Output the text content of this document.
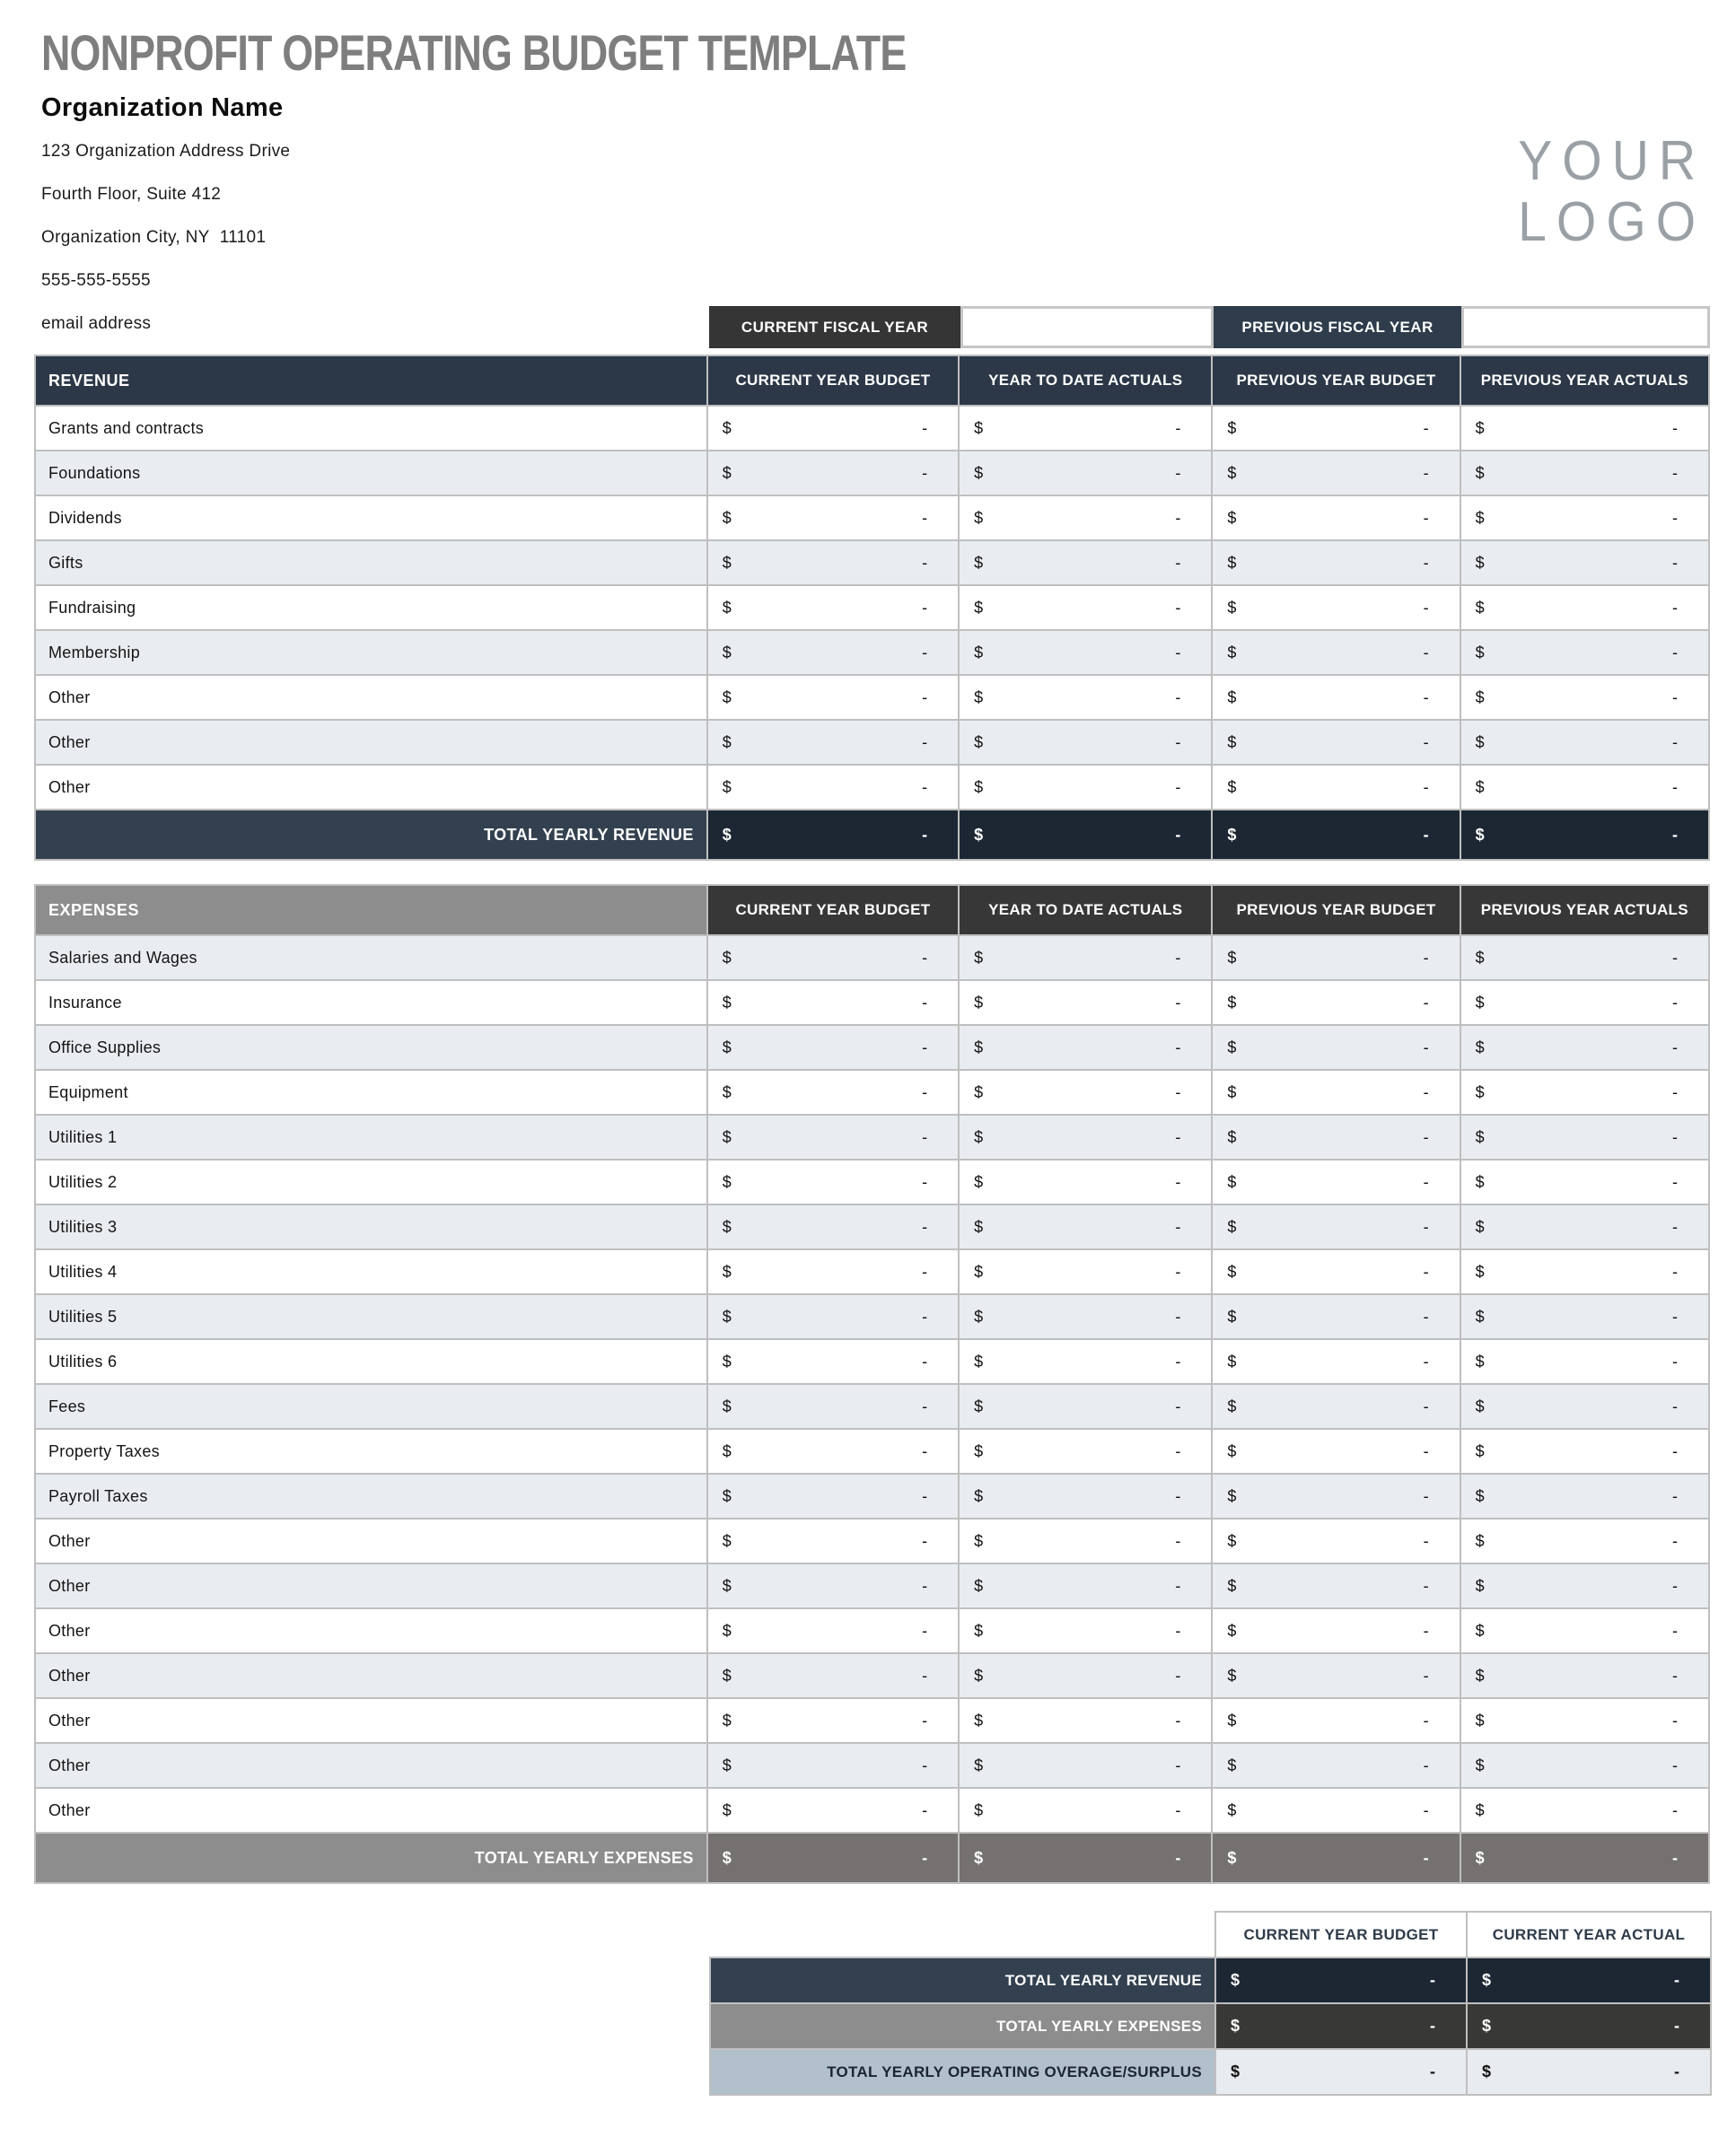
NONPROFIT OPERATING BUDGET TEMPLATE
Organization Name
123 Organization Address Drive
Fourth Floor, Suite 412
Organization City, NY  11101
555-555-5555
email address
YOUR
LOGO
CURRENT FISCAL YEAR	PREVIOUS FISCAL YEAR
REVENUE	CURRENT YEAR BUDGET	YEAR TO DATE ACTUALS	PREVIOUS YEAR BUDGET	PREVIOUS YEAR ACTUALS
Grants and contracts	$ -	$ -	$ -	$ -

Foundations	$ -	$ -	$ -	$ -

Dividends	$ -	$ -	$ -	$ -

Gifts	$ -	$ -	$ -	$ -

Fundraising	$ -	$ -	$ -	$ -

Membership	$ -	$ -	$ -	$ -

Other	$ -	$ -	$ -	$ -

Other	$ -	$ -	$ -	$ -

Other	$ -	$ -	$ -	$ -

TOTAL YEARLY REVENUE	$ -	$ -	$ -	$ -
EXPENSES	CURRENT YEAR BUDGET	YEAR TO DATE ACTUALS	PREVIOUS YEAR BUDGET	PREVIOUS YEAR ACTUALS
Salaries and Wages	$ -	$ -	$ -	$ -

Insurance	$ -	$ -	$ -	$ -

Office Supplies	$ -	$ -	$ -	$ -

Equipment	$ -	$ -	$ -	$ -

Utilities 1	$ -	$ -	$ -	$ -

Utilities 2	$ -	$ -	$ -	$ -

Utilities 3	$ -	$ -	$ -	$ -

Utilities 4	$ -	$ -	$ -	$ -

Utilities 5	$ -	$ -	$ -	$ -

Utilities 6	$ -	$ -	$ -	$ -

Fees	$ -	$ -	$ -	$ -

Property Taxes	$ -	$ -	$ -	$ -

Payroll Taxes	$ -	$ -	$ -	$ -

Other	$ -	$ -	$ -	$ -

Other	$ -	$ -	$ -	$ -

Other	$ -	$ -	$ -	$ -

Other	$ -	$ -	$ -	$ -

Other	$ -	$ -	$ -	$ -

Other	$ -	$ -	$ -	$ -

Other	$ -	$ -	$ -	$ -

TOTAL YEARLY EXPENSES	$ -	$ -	$ -	$ -
	CURRENT YEAR BUDGET	CURRENT YEAR ACTUAL
TOTAL YEARLY REVENUE	$ -	$ -

TOTAL YEARLY EXPENSES	$ -	$ -

TOTAL YEARLY OPERATING OVERAGE/SURPLUS	$ -	$ -
